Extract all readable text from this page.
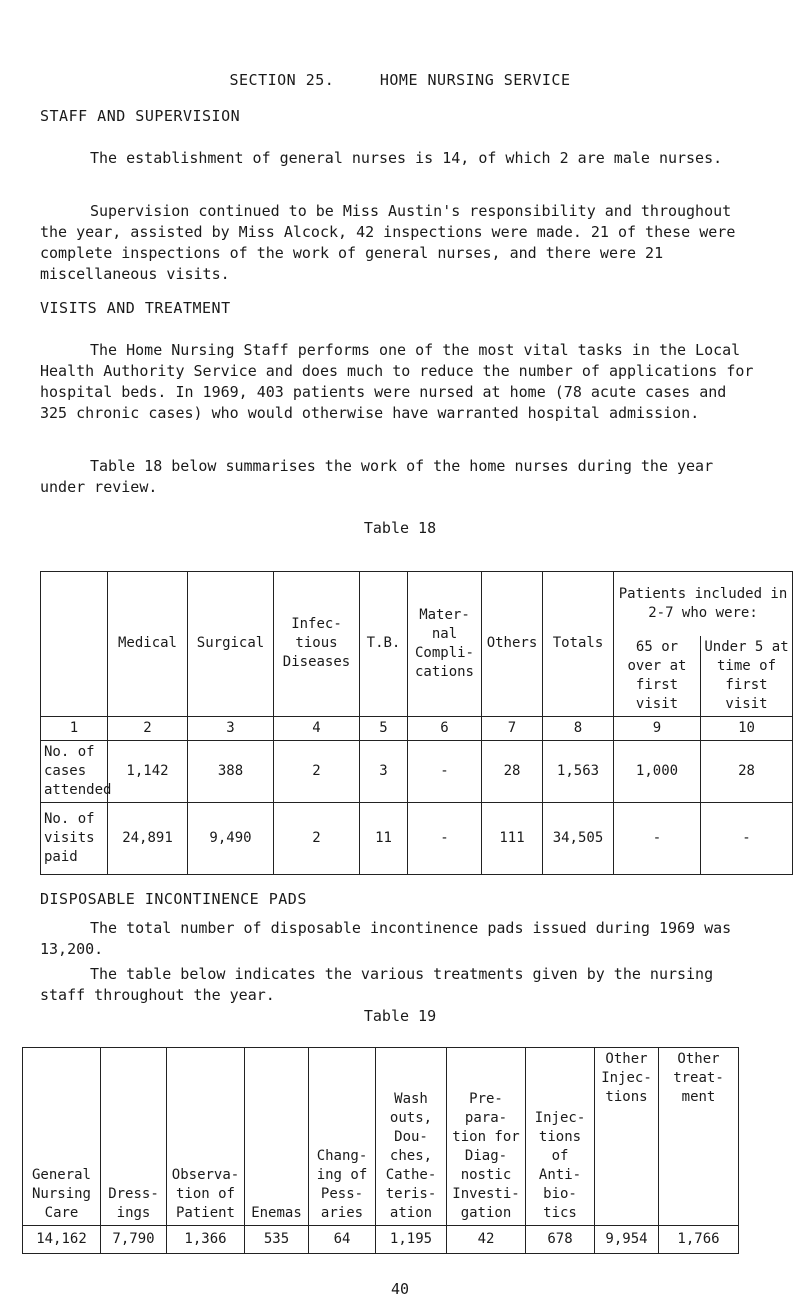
SECTION 25.	HOME NURSING SERVICE
STAFF AND SUPERVISION

The establishment of general nurses is 14, of which 2 are male nurses.

Supervision continued to be Miss Austin's responsibility and throughout the year, assisted by Miss Alcock, 42 inspections were made. 21 of these were complete inspections of the work of general nurses, and there were 21 miscellaneous visits.

VISITS AND TREATMENT

The Home Nursing Staff performs one of the most vital tasks in the Local Health Authority Service and does much to reduce the number of applications for hospital beds. In 1969, 403 patients were nursed at home (78 acute cases and 325 chronic cases) who would otherwise have warranted hospital admission.

Table 18 below summarises the work of the home nurses during the year under review.

Table 18
	Medical	Surgical	Infec-tious Diseases	T.B.	Mater-nal Compli-cations	Others	Totals	Patients included in 2-7 who were:	
								65 or over at first visit	Under 5 at time of first visit
1	2	3	4	5	6	7	8	9	10
No. of cases attended	1,142	388	2	3	-	28	1,563	1,000	28
No. of visits paid	24,891	9,490	2	11	-	111	34,505	-	-
DISPOSABLE INCONTINENCE PADS

The total number of disposable incontinence pads issued during 1969 was 13,200.

The table below indicates the various treatments given by the nursing staff throughout the year.

Table 19
General Nursing Care	Dress-ings	Observa-tion of Patient	Enemas	Chang-ing of Pess-aries	Wash outs, Dou-ches, Cathe-teris-ation	Pre-para-tion for Diag-nostic Investi-gation	Injec-tions of Anti-bio-tics	Other Injec-tions	Other treat-ment
14,162	7,790	1,366	535	64	1,195	42	678	9,954	1,766
40
